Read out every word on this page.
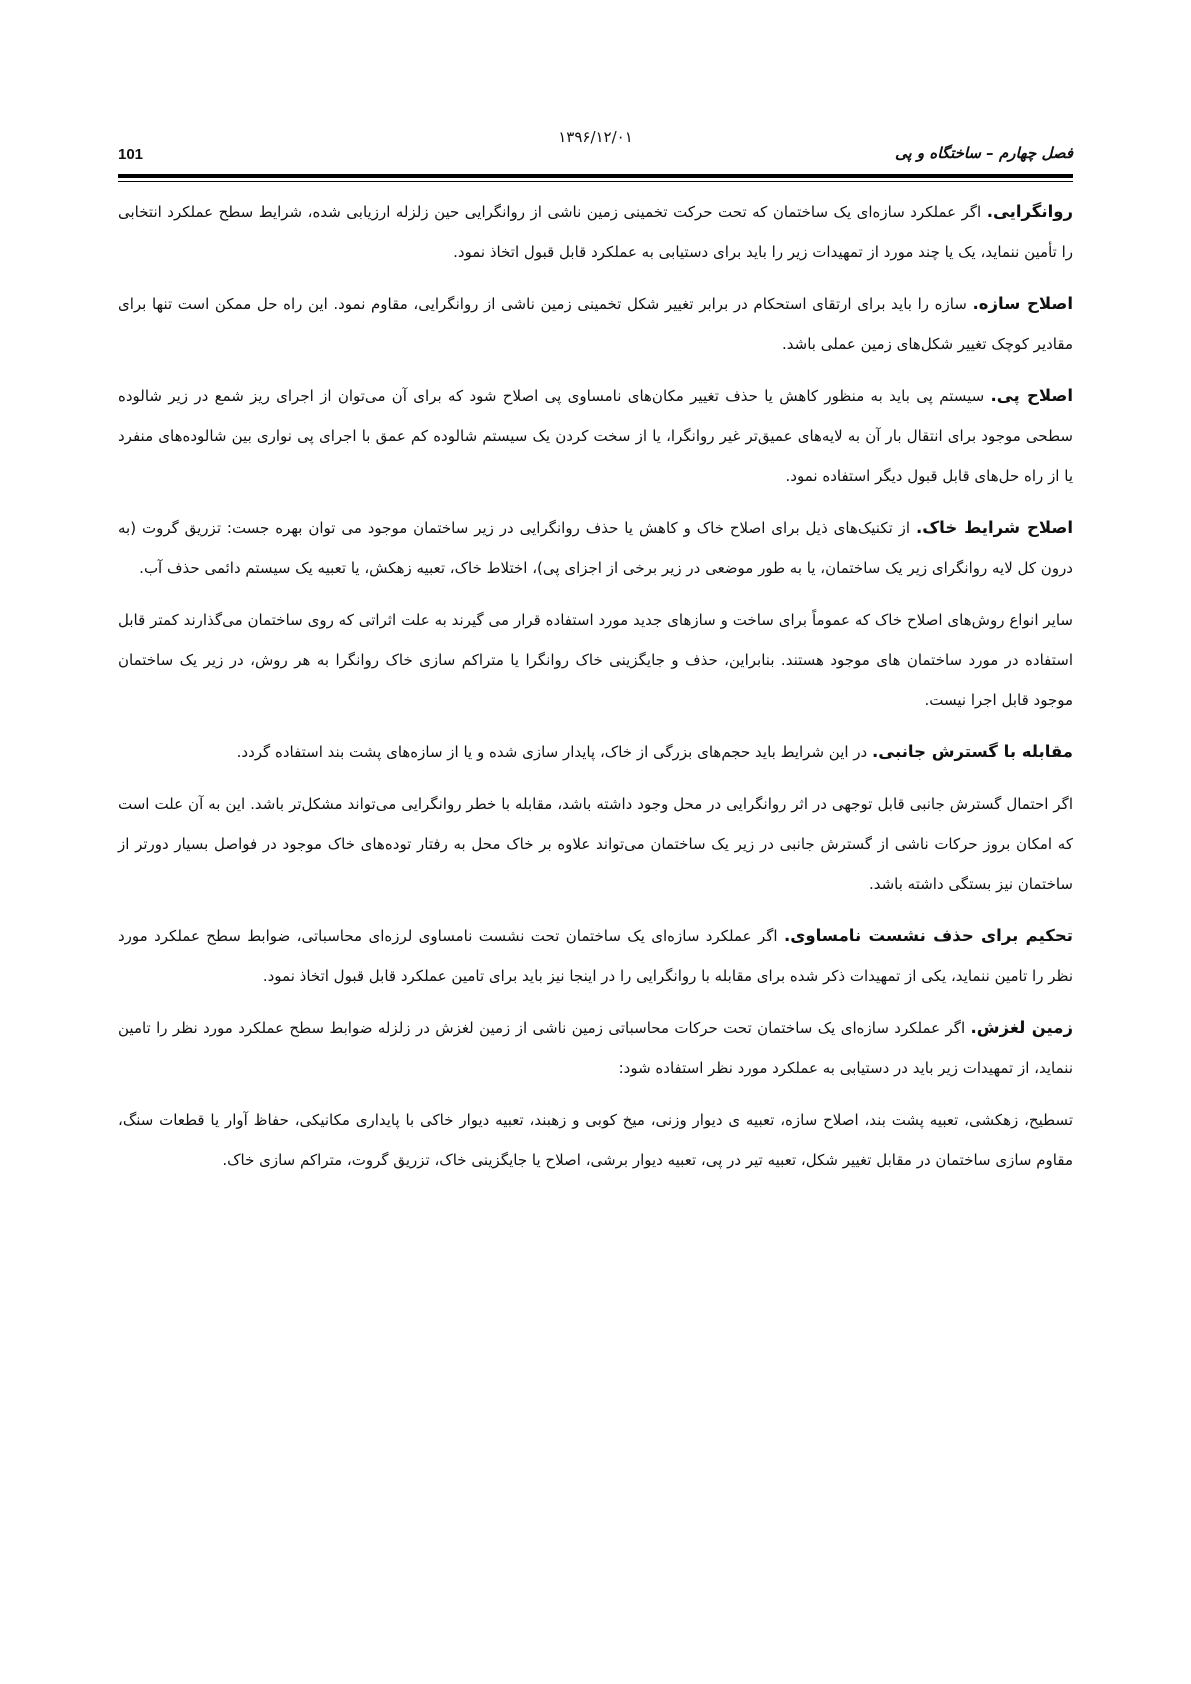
101
۱۳۹۶/۱۲/۰۱
فصل چهارم – ساختگاه و پی

روانگرایی. اگر عملکرد سازه‌ای یک ساختمان که تحت حرکت تخمینی زمین ناشی از روانگرایی حین زلزله ارزیابی شده، شرایط سطح عملکرد انتخابی را تأمین ننماید، یک یا چند مورد از تمهیدات زیر را باید برای دستیابی به عملکرد قابل قبول اتخاذ نمود.

اصلاح سازه. سازه را باید برای ارتقای استحکام در برابر تغییر شکل تخمینی زمین ناشی از روانگرایی، مقاوم نمود. این راه حل ممکن است تنها برای مقادیر کوچک تغییر شکل‌های زمین عملی باشد.

اصلاح پی. سیستم پی باید به منظور کاهش یا حذف تغییر مکان‌های نامساوی پی اصلاح شود که برای آن می‌توان از اجرای ریز شمع در زیر شالوده سطحی موجود برای انتقال بار آن به لایه‌های عمیق‌تر غیر روانگرا، یا از سخت کردن یک سیستم شالوده کم عمق با اجرای پی نواری بین شالوده‌های منفرد یا از راه حل‌های قابل قبول دیگر استفاده نمود.

اصلاح شرایط خاک. از تکنیک‌های ذیل برای اصلاح خاک و کاهش یا حذف روانگرایی در زیر ساختمان موجود می توان بهره جست: تزریق گروت (به درون کل لایه روانگرای زیر یک ساختمان، یا به طور موضعی در زیر برخی از اجزای پی)، اختلاط خاک، تعبیه زهکش، یا تعبیه یک سیستم دائمی حذف آب.

سایر انواع روش‌های اصلاح خاک که عموماً برای ساخت و سازهای جدید مورد استفاده قرار می گیرند به علت اثراتی که روی ساختمان می‌گذارند کمتر قابل استفاده در مورد ساختمان های موجود هستند. بنابراین، حذف و جایگزینی خاک روانگرا یا متراکم سازی خاک روانگرا به هر روش، در زیر یک ساختمان موجود قابل اجرا نیست.

مقابله با گسترش جانبی. در این شرایط باید حجم‌های بزرگی از خاک، پایدار سازی شده و یا از سازه‌های پشت بند استفاده گردد.

اگر احتمال گسترش جانبی قابل توجهی در اثر روانگرایی در محل وجود داشته باشد، مقابله با خطر روانگرایی می‌تواند مشکل‌تر باشد. این به آن علت است که امکان بروز حرکات ناشی از گسترش جانبی در زیر یک ساختمان می‌تواند علاوه بر خاک محل به رفتار توده‌های خاک موجود در فواصل بسیار دورتر از ساختمان نیز بستگی داشته باشد.

تحکیم برای حذف نشست نامساوی. اگر عملکرد سازه‌ای یک ساختمان تحت نشست نامساوی لرزه‌ای محاسباتی، ضوابط سطح عملکرد مورد نظر را تامین ننماید، یکی از تمهیدات ذکر شده برای مقابله با روانگرایی را در اینجا نیز باید برای تامین عملکرد قابل قبول اتخاذ نمود.

زمین لغزش. اگر عملکرد سازه‌ای یک ساختمان تحت حرکات محاسباتی زمین ناشی از زمین لغزش در زلزله ضوابط سطح عملکرد مورد نظر را تامین ننماید، از تمهیدات زیر باید در دستیابی به عملکرد مورد نظر استفاده شود:

تسطیح، زهکشی، تعبیه پشت بند، اصلاح سازه، تعبیه ی دیوار وزنی، میخ کوبی و زهبند، تعبیه دیوار خاکی با پایداری مکانیکی، حفاظ آوار یا قطعات سنگ، مقاوم سازی ساختمان در مقابل تغییر شکل، تعبیه تیر در پی، تعبیه دیوار برشی، اصلاح یا جایگزینی خاک، تزریق گروت، متراکم سازی خاک.
